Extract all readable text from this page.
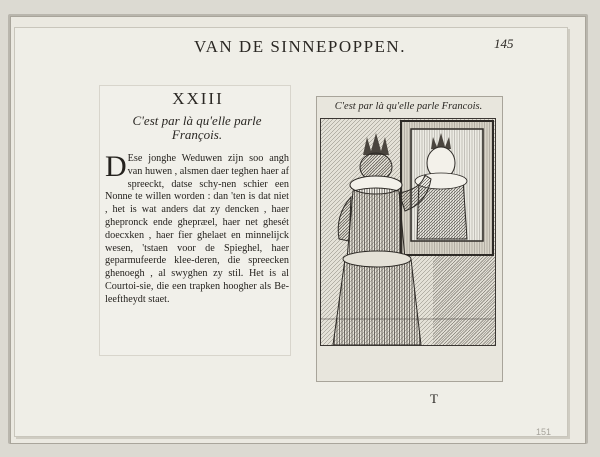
VAN DE SINNEPOPPEN.	145
XXIII
C'est par là qu'elle parle François.
D Ese jonghe Weduwen zijn soo angh van huwen , alsmen daer teghen haer af spreeckt, datse schy-nen schier een Nonne te willen worden : dan 'ten is dat niet , het is wat anders dat zy dencken , haer ghepronck ende ghepræel, haer net ghesét doecxken , haer fier ghelaet en minnelijck wesen, 'tstaen voor de Spieghel, haer geparmufeerde klee-deren, die spreecken ghenoegh , al swyghen zy stil. Het is al Courtoi-sie, die een trapken hoogher als Be-leeftheydt staet.

C'est par là qu'elle parle Francois.
T
151
